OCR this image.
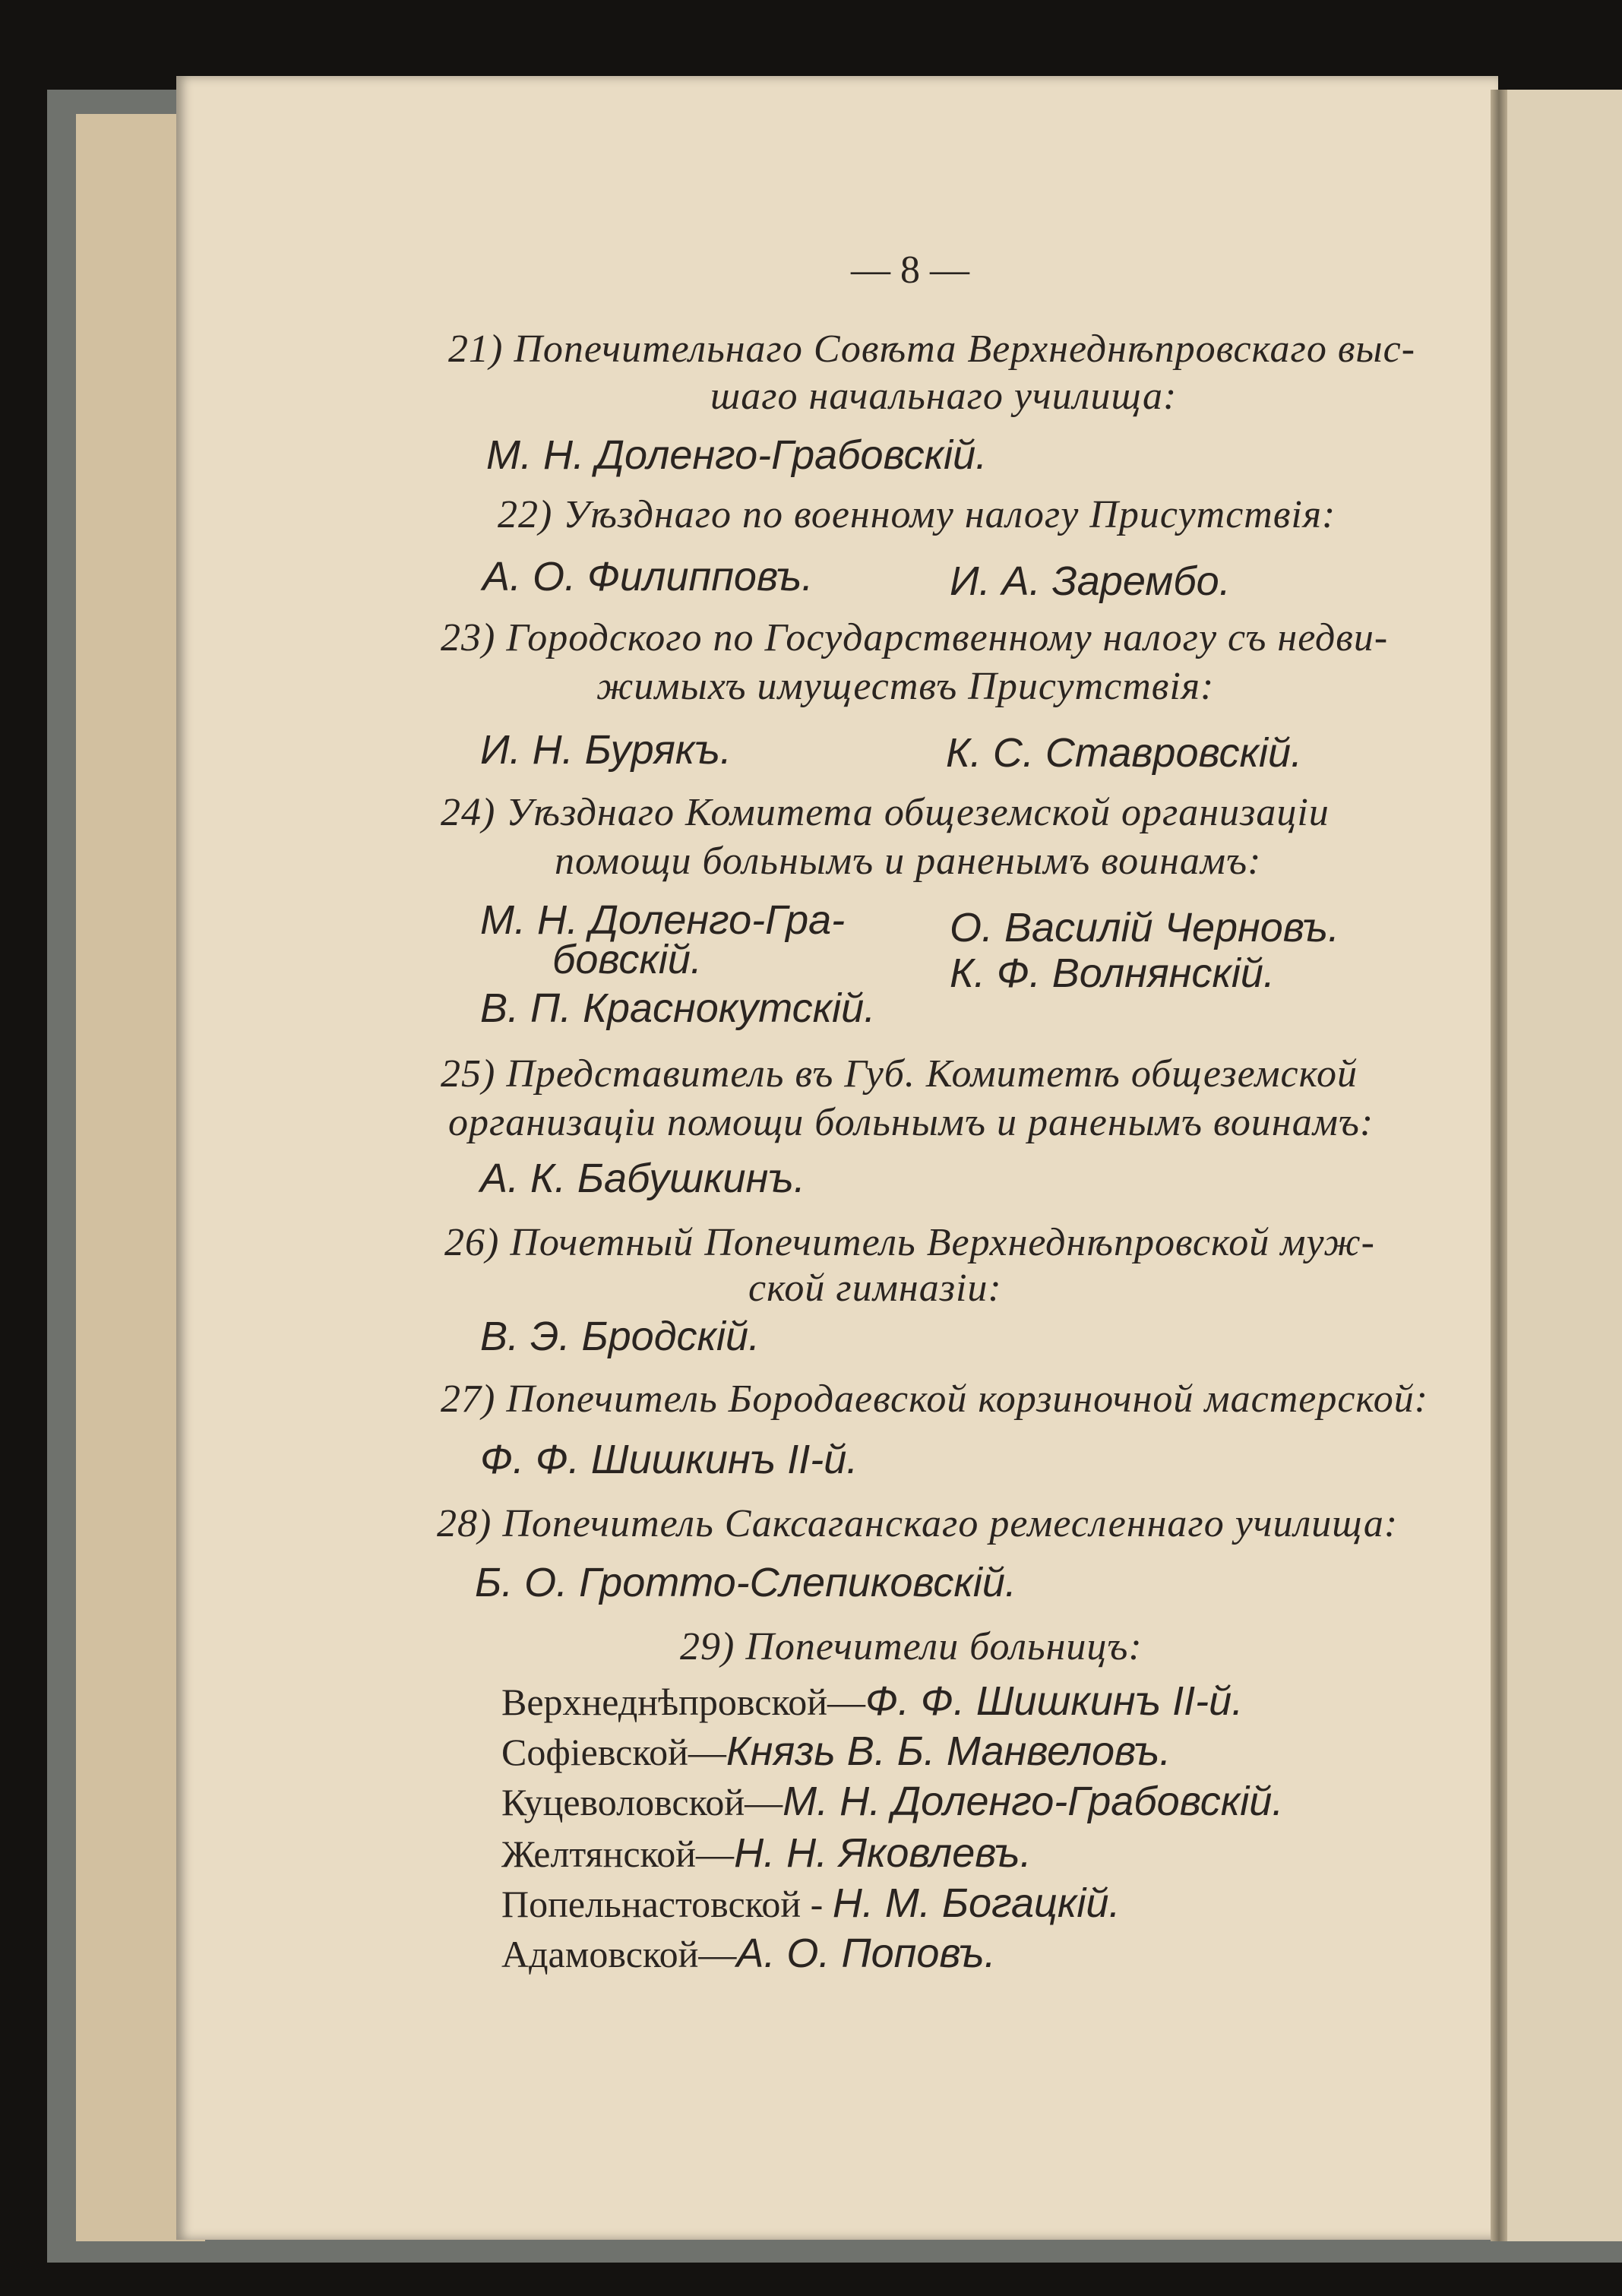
— 8 —
21) Попечительнаго Совѣта Верхнеднѣпровскаго выс-
шаго начальнаго училища:
М. Н. Доленго-Грабовскій.
22) Уѣзднаго по военному налогу Присутствія:
А. О. Филипповъ.	И. А. Зарембо.
23) Городского по Государственному налогу съ недви-
жимыхъ имуществъ Присутствія:
И. Н. Бурякъ.	К. С. Ставровскій.
24) Уѣзднаго Комитета общеземской организаціи
помощи больнымъ и раненымъ воинамъ:
М. Н. Доленго-Гра-
бовскій.
О. Василій Черновъ.
К. Ф. Волнянскій.
В. П. Краснокутскій.
25) Представитель въ Губ. Комитетѣ общеземской
организаціи помощи больнымъ и раненымъ воинамъ:
А. К. Бабушкинъ.
26) Почетный Попечитель Верхнеднѣпровской муж-
ской гимназіи:
В. Э. Бродскій.
27) Попечитель Бородаевской корзиночной мастерской:
Ф. Ф. Шишкинъ II-й.
28) Попечитель Саксаганскаго ремесленнаго училища:
Б. О. Гротто-Слепиковскій.
29) Попечители больницъ:
Верхнеднѣпровской—Ф. Ф. Шишкинъ II-й.
Софіевской—Князь В. Б. Манвеловъ.
Куцеволовской—М. Н. Доленго-Грабовскій.
Желтянской—Н. Н. Яковлевъ.
Попельнастовской - Н. М. Богацкій.
Адамовской—А. О. Поповъ.
